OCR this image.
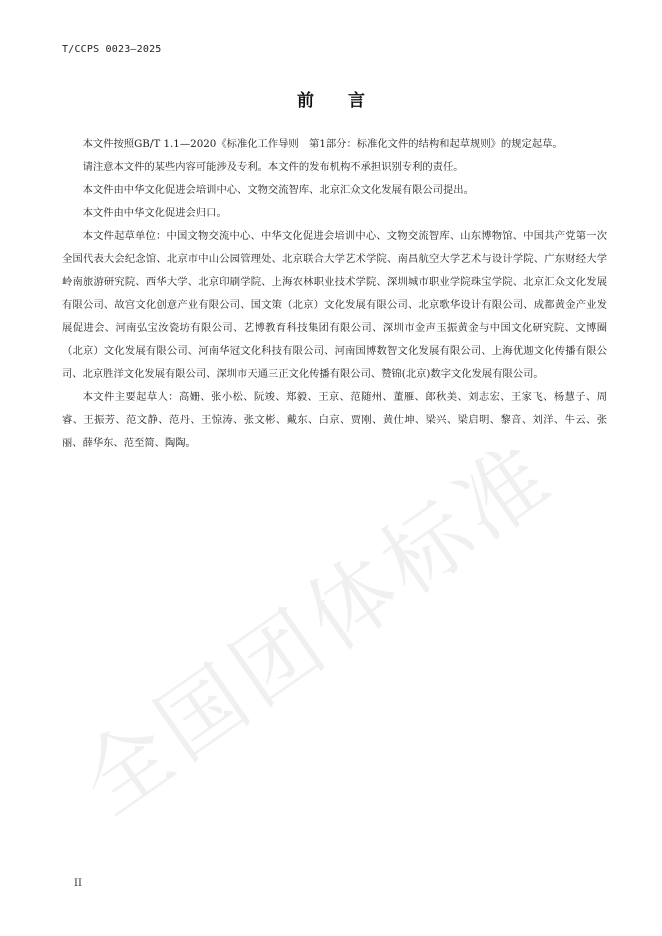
T/CCPS 0023—2025
前 言

本文件按照GB/T 1.1—2020《标准化工作导则　第1部分：标准化文件的结构和起草规则》的规定起草。

请注意本文件的某些内容可能涉及专利。本文件的发布机构不承担识别专利的责任。

本文件由中华文化促进会培训中心、文物交流智库、北京汇众文化发展有限公司提出。

本文件由中华文化促进会归口。

本文件起草单位：中国文物交流中心、中华文化促进会培训中心、文物交流智库、山东博物馆、中国共产党第一次全国代表大会纪念馆、北京市中山公园管理处、北京联合大学艺术学院、南昌航空大学艺术与设计学院、广东财经大学岭南旅游研究院、西华大学、北京印刷学院、上海农林职业技术学院、深圳城市职业学院珠宝学院、北京汇众文化发展有限公司、故宫文化创意产业有限公司、国文策（北京）文化发展有限公司、北京歌华设计有限公司、成都黄金产业发展促进会、河南弘宝汝瓷坊有限公司、艺博教育科技集团有限公司、深圳市金声玉振黄金与中国文化研究院、文博圈（北京）文化发展有限公司、河南华冠文化科技有限公司、河南国博数智文化发展有限公司、上海优迦文化传播有限公司、北京胜洋文化发展有限公司、深圳市天通三正文化传播有限公司、赞锦(北京)数字文化发展有限公司。

本文件主要起草人：高姗、张小松、阮竣、郑毅、王京、范随州、董雁、郎秋美、刘志宏、王家飞、杨慧子、周睿、王振芳、范文静、范丹、王惊涛、张文彬、戴东、白京、贾刚、黄仕坤、梁兴、梁启明、黎音、刘洋、牛云、张丽、薛华东、范至简、陶陶。

全
国
团
体
标
准
II
